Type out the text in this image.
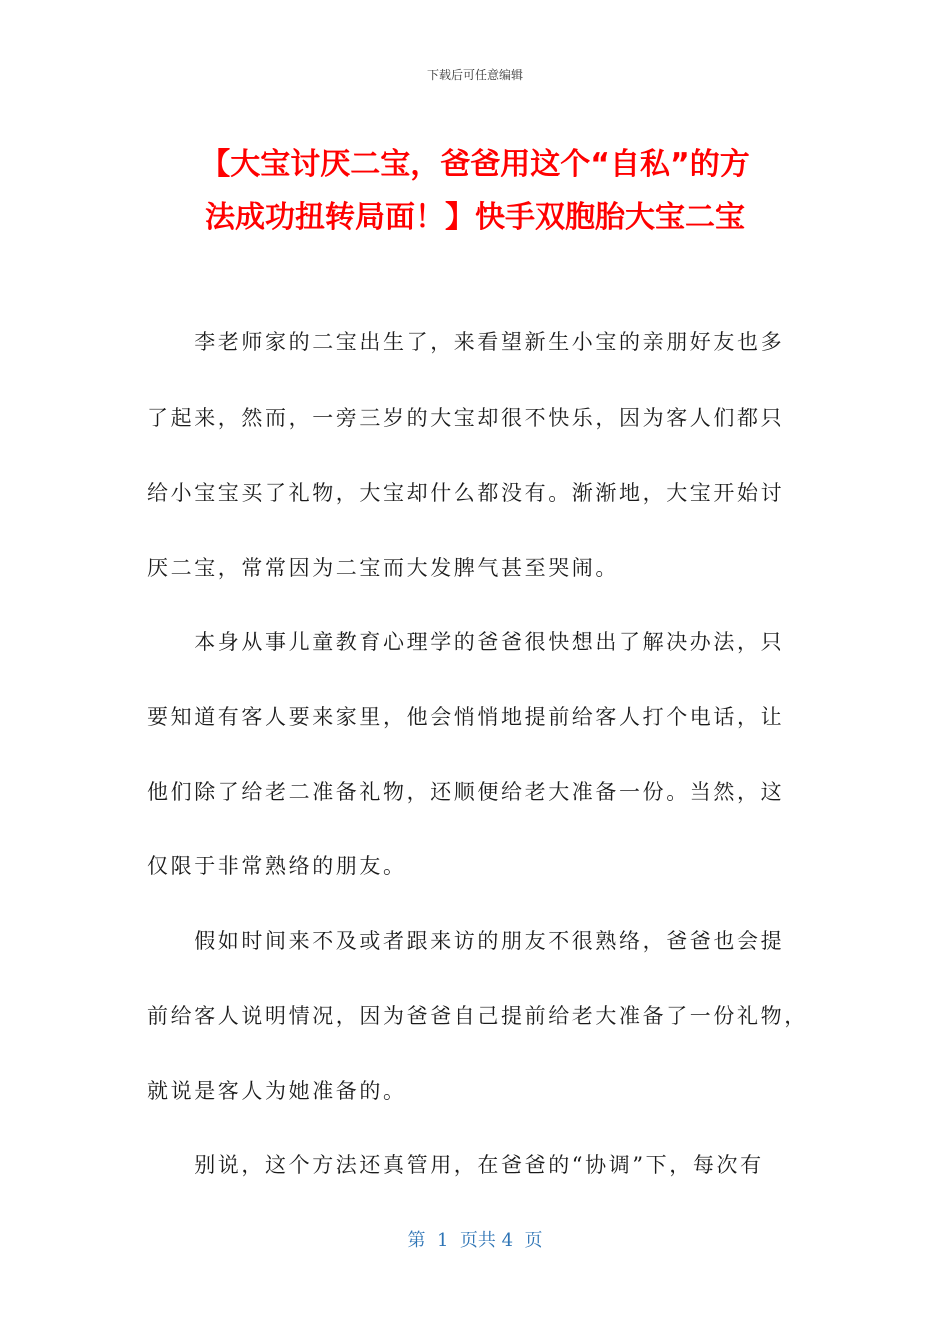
下载后可任意编辑
【大宝讨厌二宝，爸爸用这个“自私”的方
法成功扭转局面！】快手双胞胎大宝二宝
　　李老师家的二宝出生了，来看望新生小宝的亲朋好友也多
了起来，然而，一旁三岁的大宝却很不快乐，因为客人们都只
给小宝宝买了礼物，大宝却什么都没有。渐渐地，大宝开始讨
厌二宝，常常因为二宝而大发脾气甚至哭闹。
　　本身从事儿童教育心理学的爸爸很快想出了解决办法，只
要知道有客人要来家里，他会悄悄地提前给客人打个电话，让
他们除了给老二准备礼物，还顺便给老大准备一份。当然，这
仅限于非常熟络的朋友。
　　假如时间来不及或者跟来访的朋友不很熟络，爸爸也会提
前给客人说明情况，因为爸爸自己提前给老大准备了一份礼物，
就说是客人为她准备的。
　　别说，这个方法还真管用，在爸爸的“协调”下，每次有
第  1  页共 4  页
